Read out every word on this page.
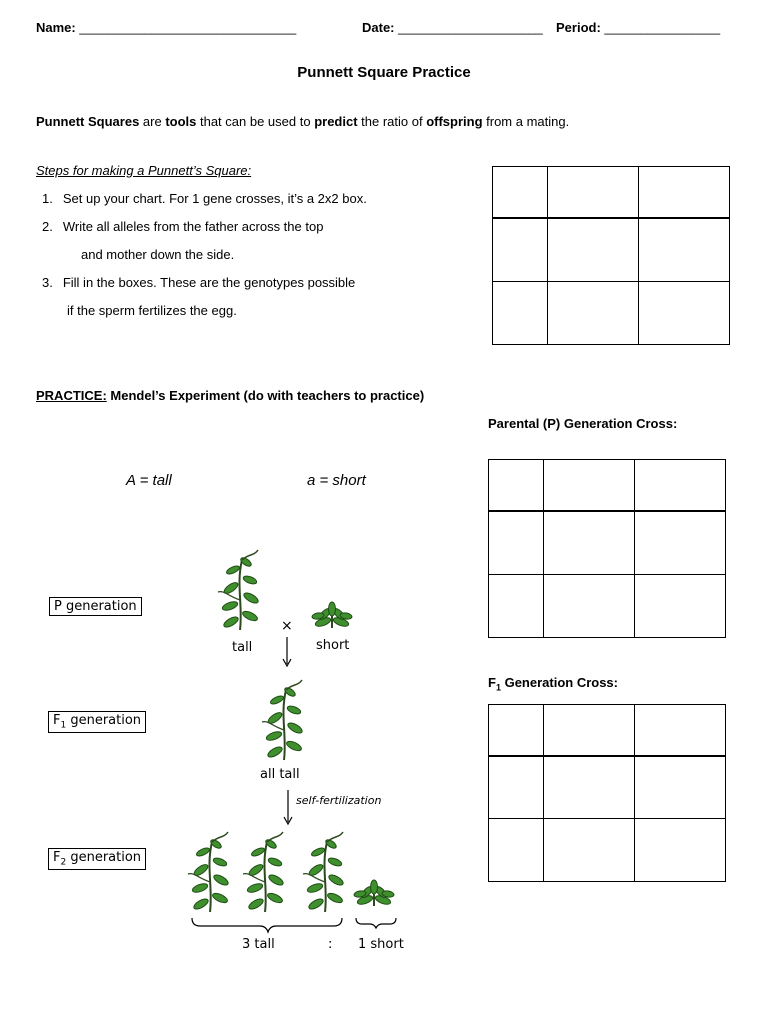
Name: ______________________________	Date: ____________________ Period: ________________
Punnett Square Practice
Punnett Squares are tools that can be used to predict the ratio of offspring from a mating.
Steps for making a Punnett’s Square:
1. Set up your chart. For 1 gene crosses, it’s a 2x2 box.
2. Write all alleles from the father across the top
and mother down the side.
3. Fill in the boxes. These are the genotypes possible
if the sperm fertilizes the egg.

PRACTICE: Mendel’s Experiment (do with teachers to practice)
Parental (P) Generation Cross:

$F_1$ Generation Cross:

A = tall	a = short
P generation
$F_1$ generation
$F_2$ generation
×
tall	short
all tall
self-fertilization
3 tall	: 1 short
